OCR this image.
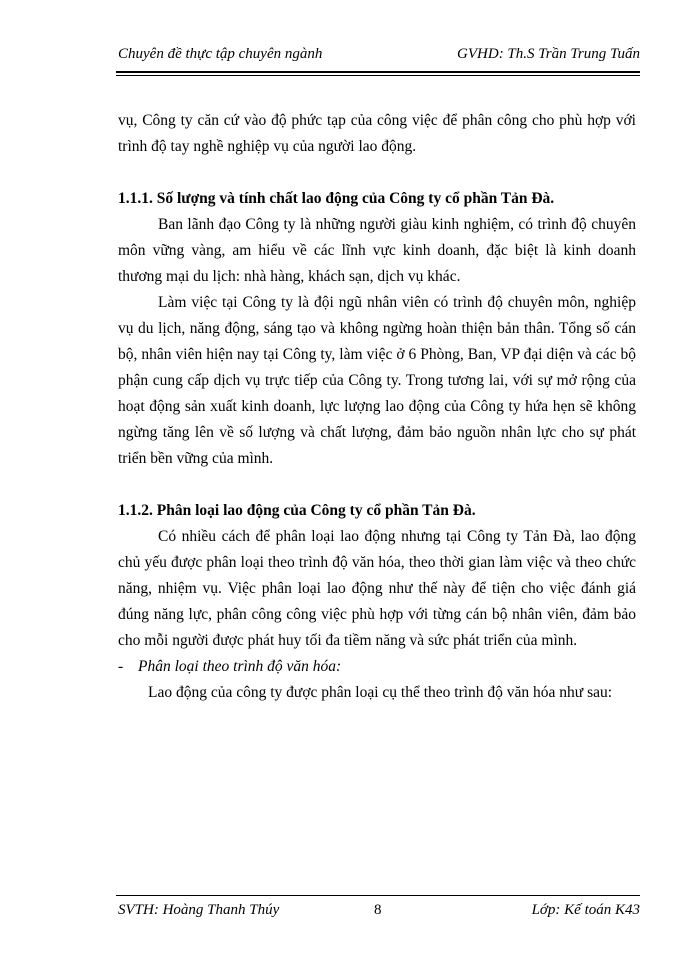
Chuyên đề thực tập chuyên ngành	GVHD: Th.S Trần Trung Tuấn

vụ, Công ty căn cứ vào độ phức tạp của công việc để phân công cho phù hợp với trình độ tay nghề nghiệp vụ của người lao động.

1.1.1. Số lượng và tính chất lao động của Công ty cổ phần Tản Đà.

Ban lãnh đạo Công ty là những người giàu kinh nghiệm, có trình độ chuyên môn vững vàng, am hiểu về các lĩnh vực kinh doanh, đặc biệt là kinh doanh thương mại du lịch: nhà hàng, khách sạn, dịch vụ khác.

Làm việc tại Công ty là đội ngũ nhân viên có trình độ chuyên môn, nghiệp vụ du lịch, năng động, sáng tạo và không ngừng hoàn thiện bản thân. Tổng số cán bộ, nhân viên hiện nay tại Công ty, làm việc ở 6 Phòng, Ban, VP đại diện và các bộ phận cung cấp dịch vụ trực tiếp của Công ty. Trong tương lai, với sự mở rộng của hoạt động sản xuất kinh doanh, lực lượng lao động của Công ty hứa hẹn sẽ không ngừng tăng lên về số lượng và chất lượng, đảm bảo nguồn nhân lực cho sự phát triển bền vững của mình.

1.1.2. Phân loại lao động của Công ty cổ phần Tản Đà.

Có nhiều cách để phân loại lao động nhưng tại Công ty Tản Đà, lao động chủ yếu được phân loại theo trình độ văn hóa, theo thời gian làm việc và theo chức năng, nhiệm vụ. Việc phân loại lao động như thế này để tiện cho việc đánh giá đúng năng lực, phân công công việc phù hợp với từng cán bộ nhân viên, đảm bảo cho mỗi người được phát huy tối đa tiềm năng và sức phát triển của mình.

- Phân loại theo trình độ văn hóa:

Lao động của công ty được phân loại cụ thể theo trình độ văn hóa như sau:

SVTH: Hoàng Thanh Thúy	8	Lớp: Kế toán K43
